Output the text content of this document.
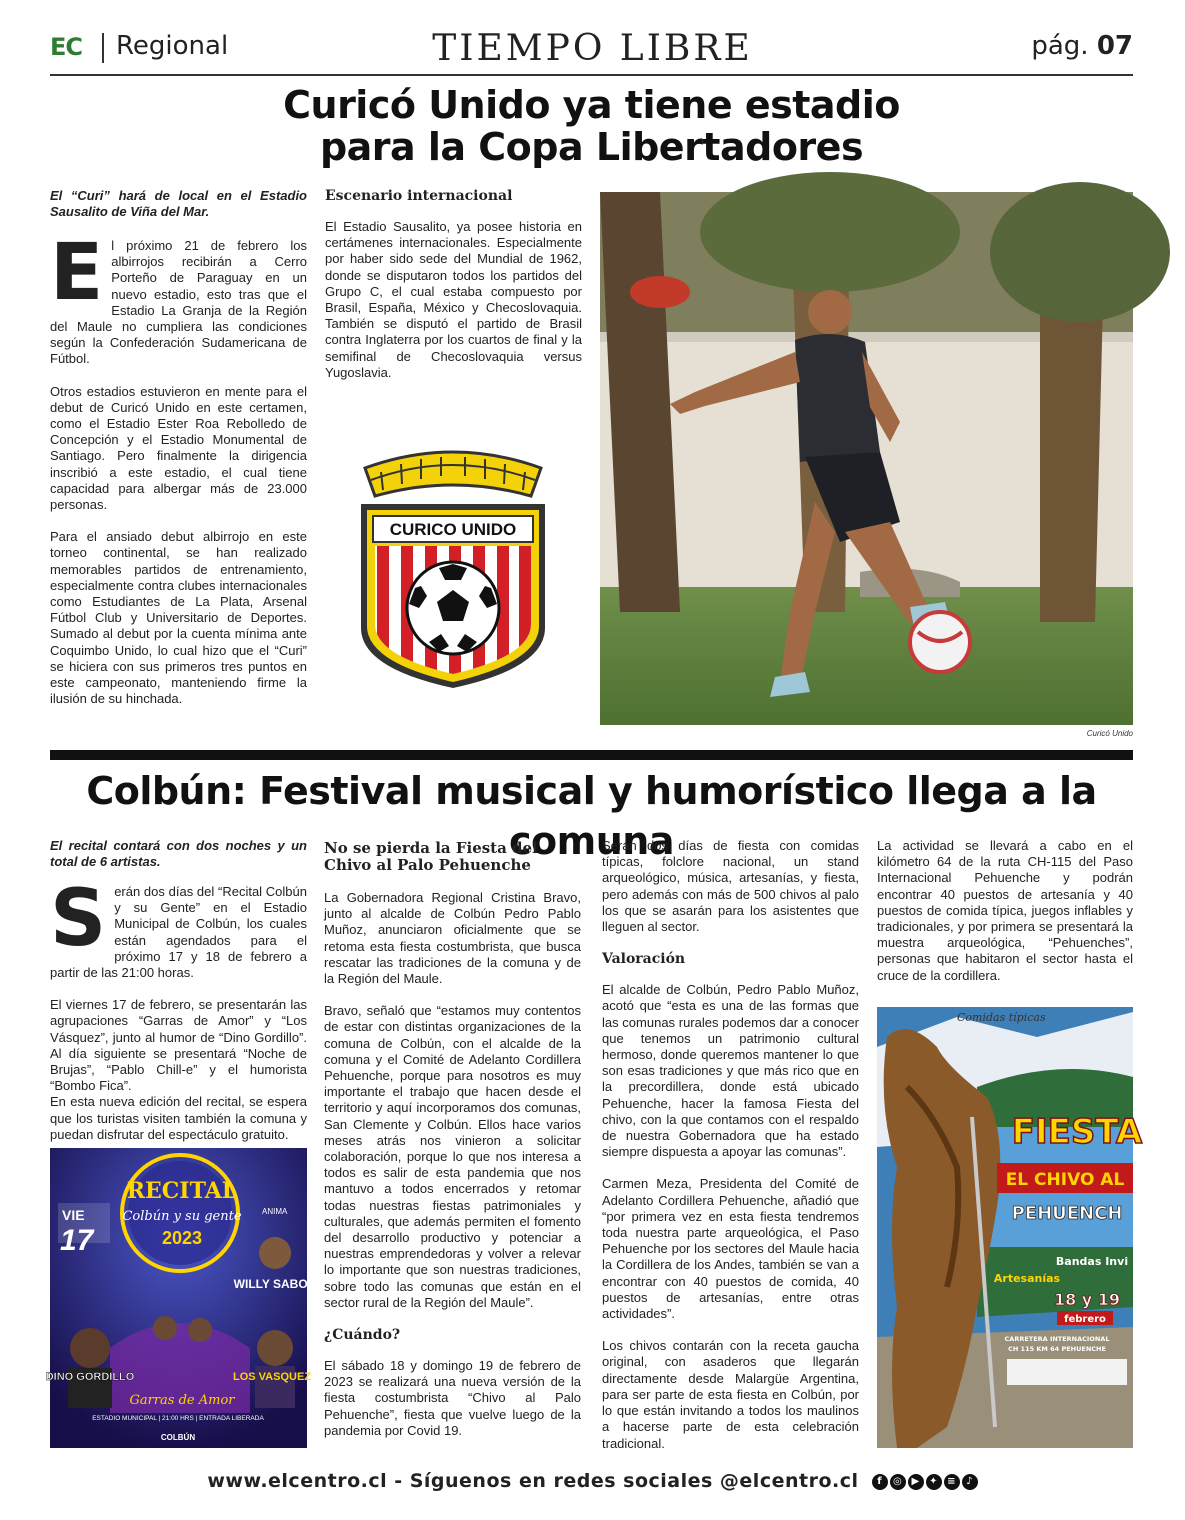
EC Regional	TIEMPO LIBRE	pág. 07
Curicó Unido ya tiene estadio
para la Copa Libertadores
El “Curi” hará de local en el Estadio Sausalito de Viña del Mar.

El próximo 21 de febrero los albirrojos recibirán a Cerro Porteño de Paraguay en un nuevo estadio, esto tras que el Estadio La Granja de la Región del Maule no cumpliera las condiciones según la Confederación Sudamericana de Fútbol.

Otros estadios estuvieron en mente para el debut de Curicó Unido en este certamen, como el Estadio Ester Roa Rebolledo de Concepción y el Estadio Monumental de Santiago. Pero finalmente la dirigencia inscribió a este estadio, el cual tiene capacidad para albergar más de 23.000 personas.

Para el ansiado debut albirrojo en este torneo continental, se han realizado memorables partidos de entrenamiento, especialmente contra clubes internacionales como Estudiantes de La Plata, Arsenal Fútbol Club y Universitario de Deportes. Sumado al debut por la cuenta mínima ante Coquimbo Unido, lo cual hizo que el “Curi” se hiciera con sus primeros tres puntos en este campeonato, manteniendo firme la ilusión de su hinchada.

Escenario internacional
El Estadio Sausalito, ya posee historia en certámenes internacionales. Especialmente por haber sido sede del Mundial de 1962, donde se disputaron todos los partidos del Grupo C, el cual estaba compuesto por Brasil, España, México y Checoslovaquia. También se disputó el partido de Brasil contra Inglaterra por los cuartos de final y la semifinal de Checoslovaquia versus Yugoslavia.
CURICO UNIDO
Curicó Unido
Colbún: Festival musical y humorístico llega a la comuna
El recital contará con dos noches y un total de 6 artistas.

Serán dos días del “Recital Colbún y su Gente” en el Estadio Municipal de Colbún, los cuales están agendados para el próximo 17 y 18 de febrero a partir de las 21:00 horas.

El viernes 17 de febrero, se presentarán las agrupaciones “Garras de Amor” y “Los Vásquez”, junto al humor de “Dino Gordillo”. Al día siguiente se presentará “Noche de Brujas”, “Pablo Chill-e” y el humorista “Bombo Fica”.

En esta nueva edición del recital, se espera que los turistas visiten también la comuna y puedan disfrutar del espectáculo gratuito.

VIE
17
RECITAL
Colbún y su gente
2023
ANIMA
WILLY SABOR
DINO GORDILLO
Garras de Amor
LOS VASQUEZ
ESTADIO MUNICIPAL | 21:00 HRS | ENTRADA LIBERADA
COLBÚN
No se pierda la Fiesta del Chivo al Palo Pehuenche

La Gobernadora Regional Cristina Bravo, junto al alcalde de Colbún Pedro Pablo Muñoz, anunciaron oficialmente que se retoma esta fiesta costumbrista, que busca rescatar las tradiciones de la comuna y de la Región del Maule.

Bravo, señaló que “estamos muy contentos de estar con distintas organizaciones de la comuna de Colbún, con el alcalde de la comuna y el Comité de Adelanto Cordillera Pehuenche, porque para nosotros es muy importante el trabajo que hacen desde el territorio y aquí incorporamos dos comunas, San Clemente y Colbún. Ellos hace varios meses atrás nos vinieron a solicitar colaboración, porque lo que nos interesa a todos es salir de esta pandemia que nos mantuvo a todos encerrados y retomar todas nuestras fiestas patrimoniales y culturales, que además permiten el fomento del desarrollo productivo y potenciar a nuestras emprendedoras y volver a relevar lo importante que son nuestras tradiciones, sobre todo las comunas que están en el sector rural de la Región del Maule”.

¿Cuándo?
El sábado 18 y domingo 19 de febrero de 2023 se realizará una nueva versión de la fiesta costumbrista “Chivo al Palo Pehuenche”, fiesta que vuelve luego de la pandemia por Covid 19.

Serán dos días de fiesta con comidas típicas, folclore nacional, un stand arqueológico, música, artesanías, y fiesta, pero además con más de 500 chivos al palo los que se asarán para los asistentes que lleguen al sector.

Valoración

El alcalde de Colbún, Pedro Pablo Muñoz, acotó que “esta es una de las formas que las comunas rurales podemos dar a conocer que tenemos un patrimonio cultural hermoso, donde queremos mantener lo que son esas tradiciones y que más rico que en la precordillera, donde está ubicado Pehuenche, hacer la famosa Fiesta del chivo, con la que contamos con el respaldo de nuestra Gobernadora que ha estado siempre dispuesta a apoyar las comunas”.

Carmen Meza, Presidenta del Comité de Adelanto Cordillera Pehuenche, añadió que “por primera vez en esta fiesta tendremos toda nuestra parte arqueológica, el Paso Pehuenche por los sectores del Maule hacia la Cordillera de los Andes, también se van a encontrar con 40 puestos de comida, 40 puestos de artesanías, entre otras actividades”.

Los chivos contarán con la receta gaucha original, con asaderos que llegarán directamente desde Malargüe Argentina, para ser parte de esta fiesta en Colbún, por lo que están invitando a todos los maulinos a hacerse parte de esta celebración tradicional.

La actividad se llevará a cabo en el kilómetro 64 de la ruta CH-115 del Paso Internacional Pehuenche y podrán encontrar 40 puestos de artesanía y 40 puestos de comida típica, juegos inflables y tradicionales, y por primera se presentará la muestra arqueológica, “Pehuenches”, personas que habitaron el sector hasta el cruce de la cordillera.
Comidas típicas
FIESTA
EL CHIVO AL
PEHUENCH
Bandas Invi
Artesanías
18 y 19
febrero
CARRETERA INTERNACIONAL
CH 115 KM 64 PEHUENCHE
www.elcentro.cl - Síguenos en redes sociales @elcentro.cl	f	◎ ▶ ✦ ≡	♪
